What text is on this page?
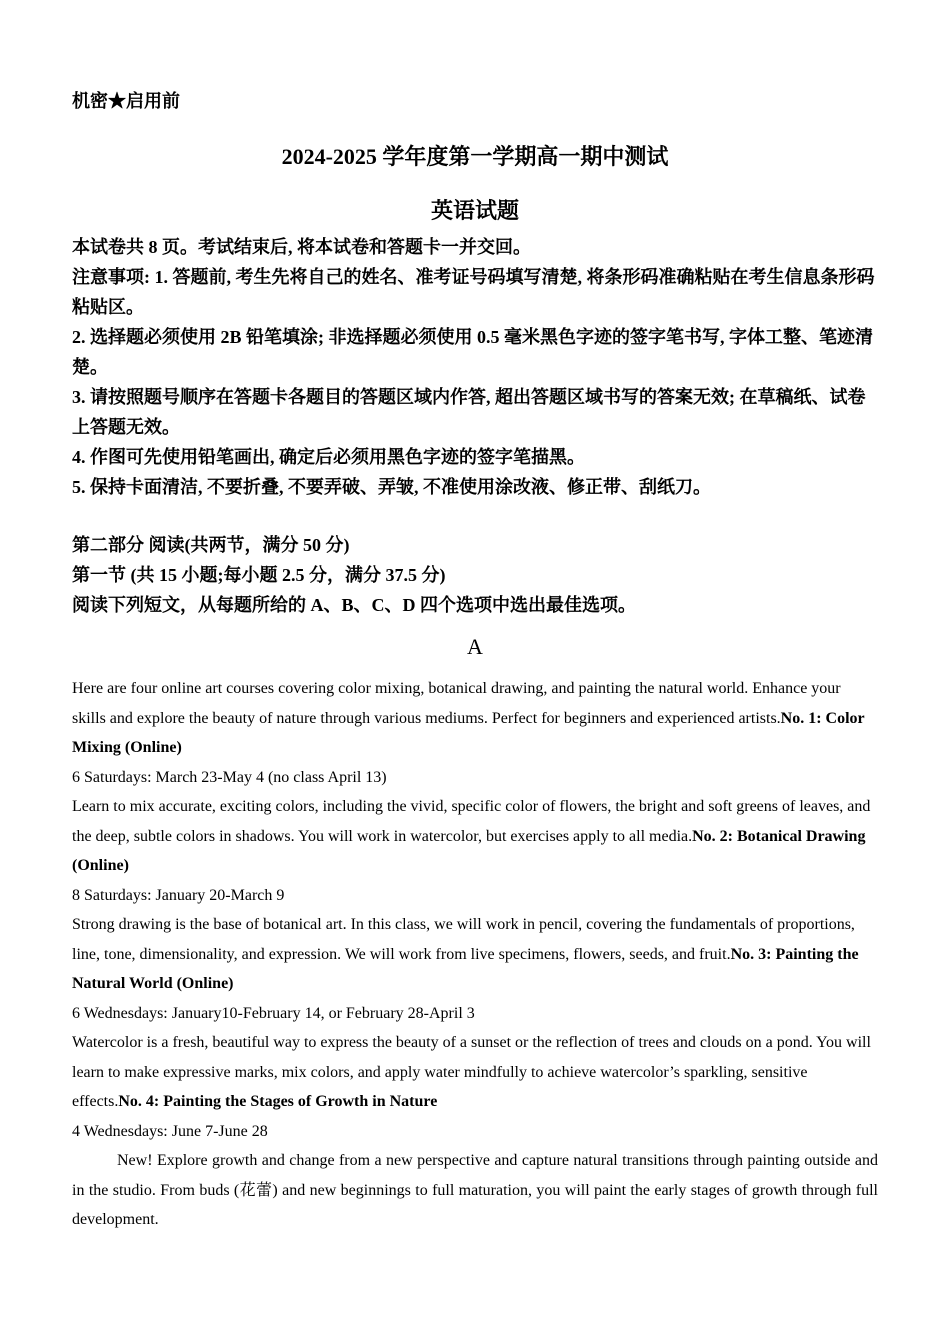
机密★启用前
2024-2025 学年度第一学期高一期中测试
英语试题

本试卷共 8 页。考试结束后, 将本试卷和答题卡一并交回。

注意事项: 1. 答题前, 考生先将自己的姓名、准考证号码填写清楚, 将条形码准确粘贴在考生信息条形码粘贴区。

2. 选择题必须使用 2B 铅笔填涂; 非选择题必须使用 0.5 毫米黑色字迹的签字笔书写, 字体工整、笔迹清楚。

3. 请按照题号顺序在答题卡各题目的答题区域内作答, 超出答题区域书写的答案无效; 在草稿纸、试卷上答题无效。

4. 作图可先使用铅笔画出, 确定后必须用黑色字迹的签字笔描黑。

5. 保持卡面清洁, 不要折叠, 不要弄破、弄皱, 不准使用涂改液、修正带、刮纸刀。

第二部分 阅读(共两节，满分 50 分)

第一节 (共 15 小题;每小题 2.5 分，满分 37.5 分)

阅读下列短文，从每题所给的 A、B、C、D 四个选项中选出最佳选项。

A

Here are four online art courses covering color mixing, botanical drawing, and painting the natural world. Enhance your skills and explore the beauty of nature through various mediums. Perfect for beginners and experienced artists.No. 1: Color Mixing (Online)

6 Saturdays: March 23-May 4 (no class April 13)

Learn to mix accurate, exciting colors, including the vivid, specific color of flowers, the bright and soft greens of leaves, and the deep, subtle colors in shadows. You will work in watercolor, but exercises apply to all media.No. 2: Botanical Drawing (Online)

8 Saturdays: January 20-March 9

Strong drawing is the base of botanical art. In this class, we will work in pencil, covering the fundamentals of proportions, line, tone, dimensionality, and expression. We will work from live specimens, flowers, seeds, and fruit.No. 3: Painting the Natural World (Online)

6 Wednesdays: January10-February 14, or February 28-April 3

Watercolor is a fresh, beautiful way to express the beauty of a sunset or the reflection of trees and clouds on a pond. You will learn to make expressive marks, mix colors, and apply water mindfully to achieve watercolor’s sparkling, sensitive effects.No. 4: Painting the Stages of Growth in Nature

4 Wednesdays: June 7-June 28

New! Explore growth and change from a new perspective and capture natural transitions through painting outside and in the studio. From buds (花蕾) and new beginnings to full maturation, you will paint the early stages of growth through full development.
